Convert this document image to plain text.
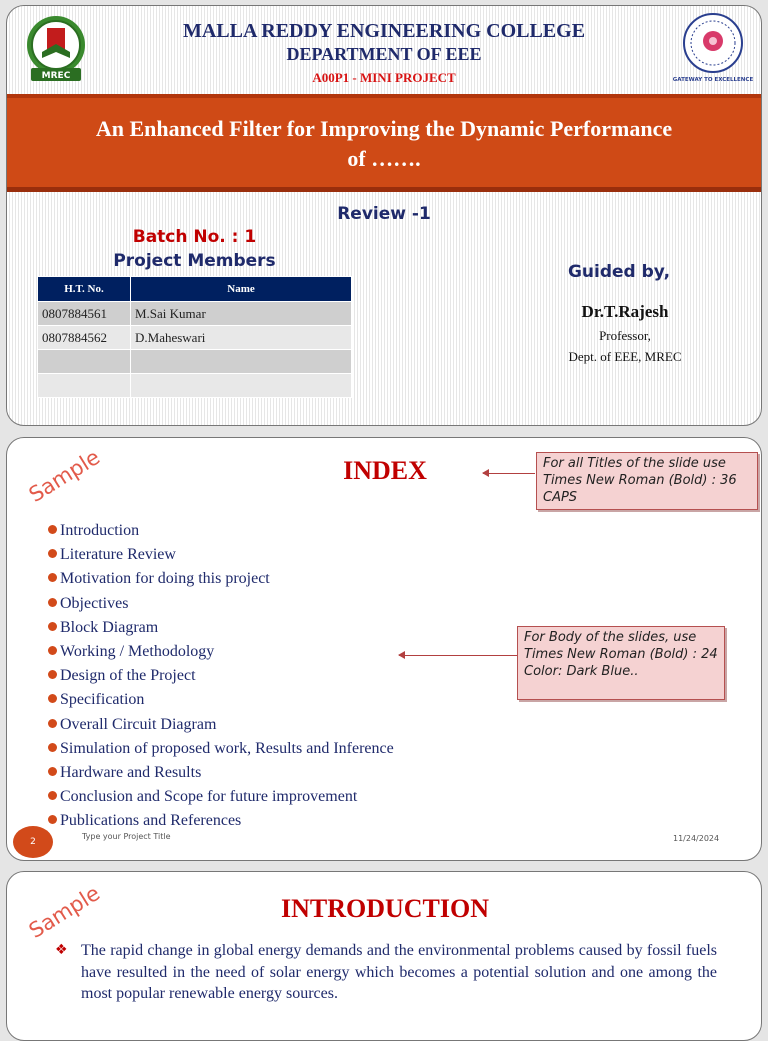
MREC	GATEWAY TO EXCELLENCE
MALLA REDDY ENGINEERING COLLEGE
DEPARTMENT OF EEE
A00P1 - MINI PROJECT
An Enhanced Filter for Improving the Dynamic Performance
of …….
Review -1
Batch No. : 1
Project Members
H.T. No.	Name
0807884561	M.Sai Kumar
0807884562	D.Maheswari

Guided by,
Dr.T.Rajesh
Professor,
Dept. of EEE, MREC
Sample	INDEX	For all Titles of the slide use Times New Roman (Bold) : 36 CAPS
For Body of the slides, use Times New Roman (Bold) : 24
Color: Dark Blue..
Introduction
Literature Review
Motivation for doing this project
Objectives
Block Diagram
Working / Methodology
Design of the Project
Specification
Overall Circuit Diagram
Simulation of proposed work, Results and Inference
Hardware and Results
Conclusion and Scope for future improvement
Publications and References
2
Type your Project Title	11/24/2024
Sample	INTRODUCTION
❖ The rapid change in global energy demands and the environmental problems caused by fossil fuels have resulted in the need of solar energy which becomes a potential solution and one among the most popular renewable energy sources.
